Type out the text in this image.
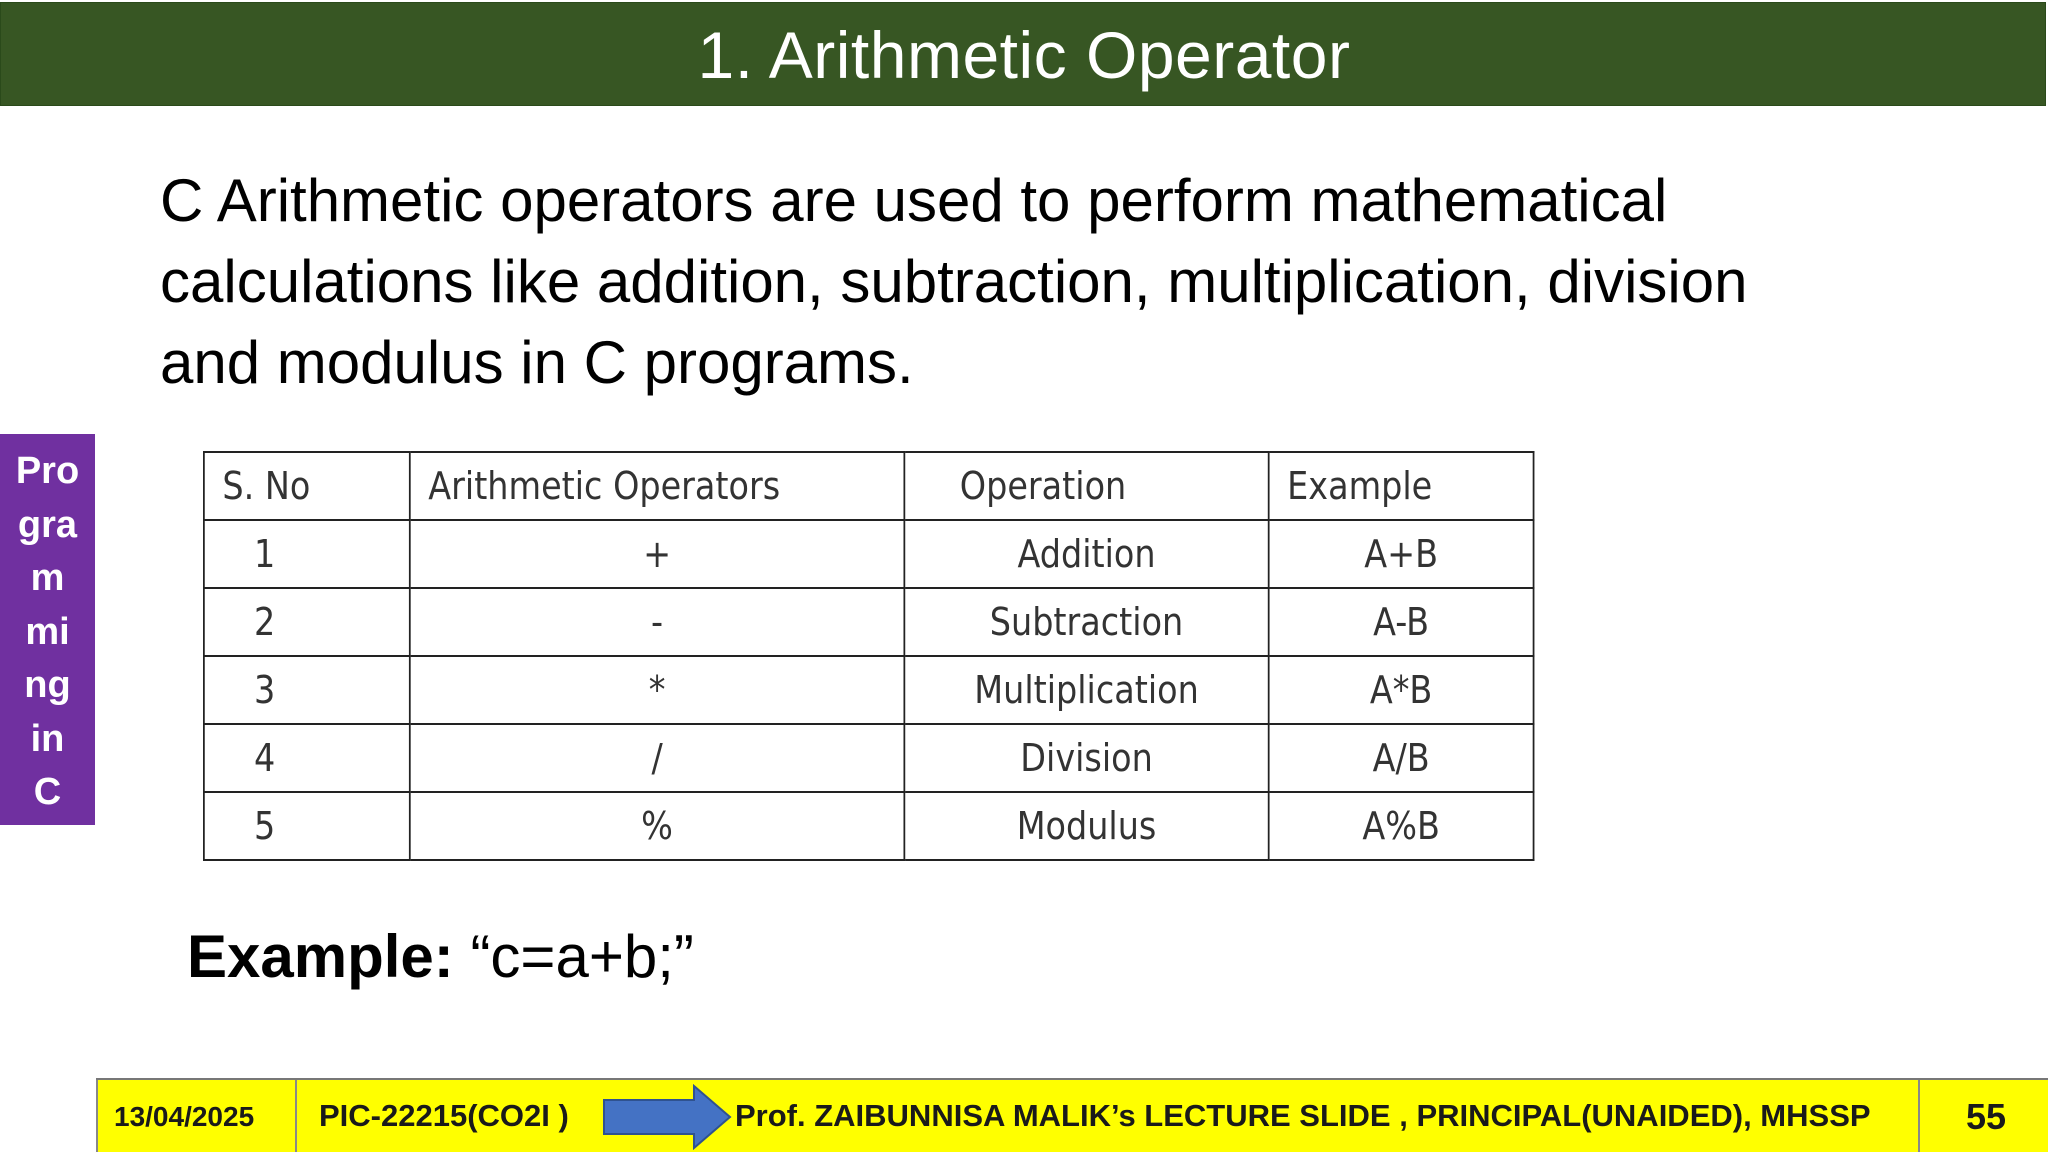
1. Arithmetic Operator
C Arithmetic operators are used to perform mathematical
calculations like addition, subtraction, multiplication, division
and modulus in C programs.
Pro
gra
m
mi
ng
in
C
S. No	Arithmetic Operators	Operation	Example
1	+	Addition	A+B
2	-	Subtraction	A-B
3	*	Multiplication	A*B
4	/	Division	A/B
5	%	Modulus	A%B
Example: “c=a+b;”
13/04/2025	PIC-22215(CO2I )	Prof. ZAIBUNNISA MALIK’s LECTURE SLIDE , PRINCIPAL(UNAIDED), MHSSP	55
